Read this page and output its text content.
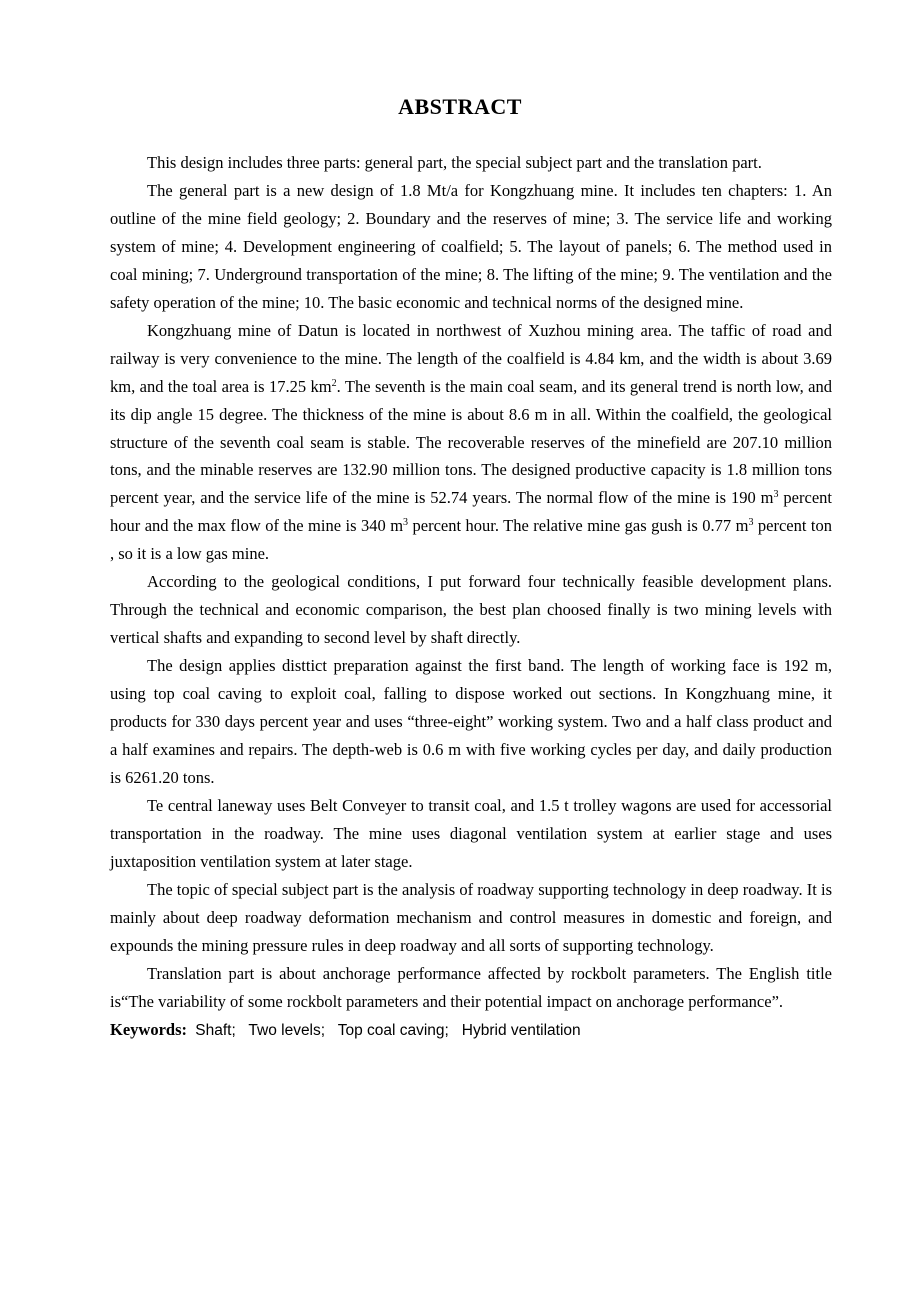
ABSTRACT

This design includes three parts: general part, the special subject part and the translation part.

The general part is a new design of 1.8 Mt/a for Kongzhuang mine. It includes ten chapters: 1. An outline of the mine field geology; 2. Boundary and the reserves of mine; 3. The service life and working system of mine; 4. Development engineering of coalfield; 5. The layout of panels; 6. The method used in coal mining; 7. Underground transportation of the mine; 8. The lifting of the mine; 9. The ventilation and the safety operation of the mine; 10. The basic economic and technical norms of the designed mine.

Kongzhuang mine of Datun is located in northwest of Xuzhou mining area. The taffic of road and railway is very convenience to the mine. The length of the coalfield is 4.84 km, and the width is about 3.69 km, and the toal area is 17.25 $km^2$. The seventh is the main coal seam, and its general trend is north low, and its dip angle 15 degree. The thickness of the mine is about 8.6 m in all. Within the coalfield, the geological structure of the seventh coal seam is stable. The recoverable reserves of the minefield are 207.10 million tons, and the minable reserves are 132.90 million tons. The designed productive capacity is 1.8 million tons percent year, and the service life of the mine is 52.74 years. The normal flow of the mine is 190 $m^3$ percent hour and the max flow of the mine is 340 $m^3$ percent hour. The relative mine gas gush is 0.77 $m^3$ percent ton , so it is a low gas mine.

According to the geological conditions, I put forward four technically feasible development plans. Through the technical and economic comparison, the best plan choosed finally is two mining levels with vertical shafts and expanding to second level by shaft directly.

The design applies disttict preparation against the first band. The length of working face is 192 m, using top coal caving to exploit coal, falling to dispose worked out sections. In Kongzhuang mine, it products for 330 days percent year and uses “three-eight” working system. Two and a half class product and a half examines and repairs. The depth-web is 0.6 m with five working cycles per day, and daily production is 6261.20 tons.

Te central laneway uses Belt Conveyer to transit coal, and 1.5 t trolley wagons are used for accessorial transportation in the roadway. The mine uses diagonal ventilation system at earlier stage and uses juxtaposition ventilation system at later stage.

The topic of special subject part is the analysis of roadway supporting technology in deep roadway. It is mainly about deep roadway deformation mechanism and control measures in domestic and foreign, and expounds the mining pressure rules in deep roadway and all sorts of supporting technology.

Translation part is about anchorage performance affected by rockbolt parameters. The English title is“The variability of some rockbolt parameters and their potential impact on anchorage performance”.

Keywords: Shaft; Two levels; Top coal caving; Hybrid ventilation
